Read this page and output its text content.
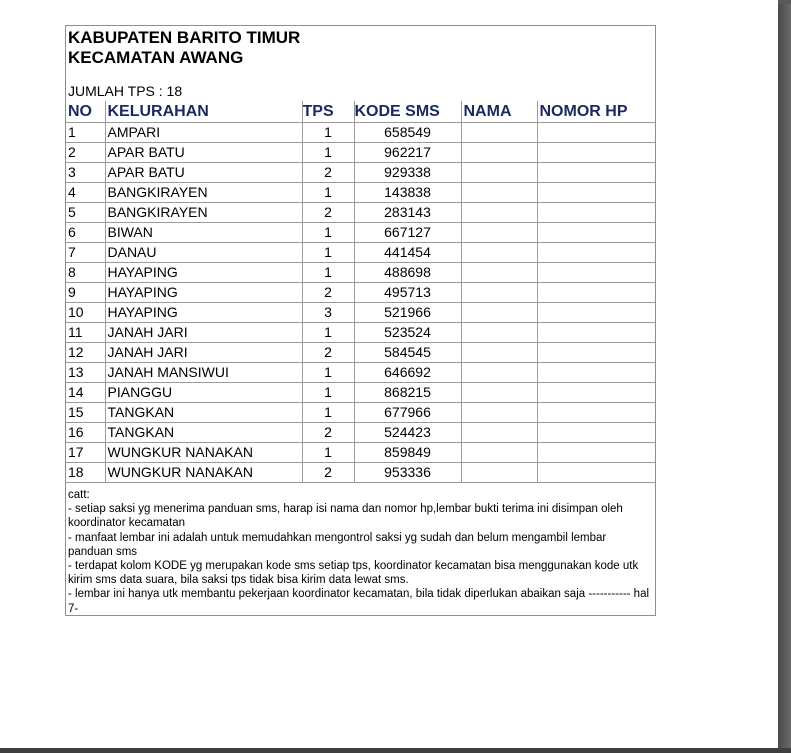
KABUPATEN BARITO TIMUR
KECAMATAN AWANG
JUMLAH TPS : 18
NO	KELURAHAN	TPS	KODE SMS	NAMA	NOMOR HP
1	AMPARI	1	658549		
2	APAR BATU	1	962217		
3	APAR BATU	2	929338		
4	BANGKIRAYEN	1	143838		
5	BANGKIRAYEN	2	283143		
6	BIWAN	1	667127		
7	DANAU	1	441454		
8	HAYAPING	1	488698		
9	HAYAPING	2	495713		
10	HAYAPING	3	521966		
11	JANAH JARI	1	523524		
12	JANAH JARI	2	584545		
13	JANAH MANSIWUI	1	646692		
14	PIANGGU	1	868215		
15	TANGKAN	1	677966		
16	TANGKAN	2	524423		
17	WUNGKUR NANAKAN	1	859849		
18	WUNGKUR NANAKAN	2	953336		

catt:

- setiap saksi yg menerima panduan sms, harap isi nama dan nomor hp,lembar bukti terima ini disimpan oleh koordinator kecamatan

- manfaat lembar ini adalah untuk memudahkan mengontrol saksi yg sudah dan belum mengambil lembar panduan sms

- terdapat kolom KODE yg merupakan kode sms setiap tps, koordinator kecamatan bisa menggunakan kode utk kirim sms data suara, bila saksi tps tidak bisa kirim data lewat sms.

- lembar ini hanya utk membantu pekerjaan koordinator kecamatan, bila tidak diperlukan abaikan saja ----------- hal 7-
